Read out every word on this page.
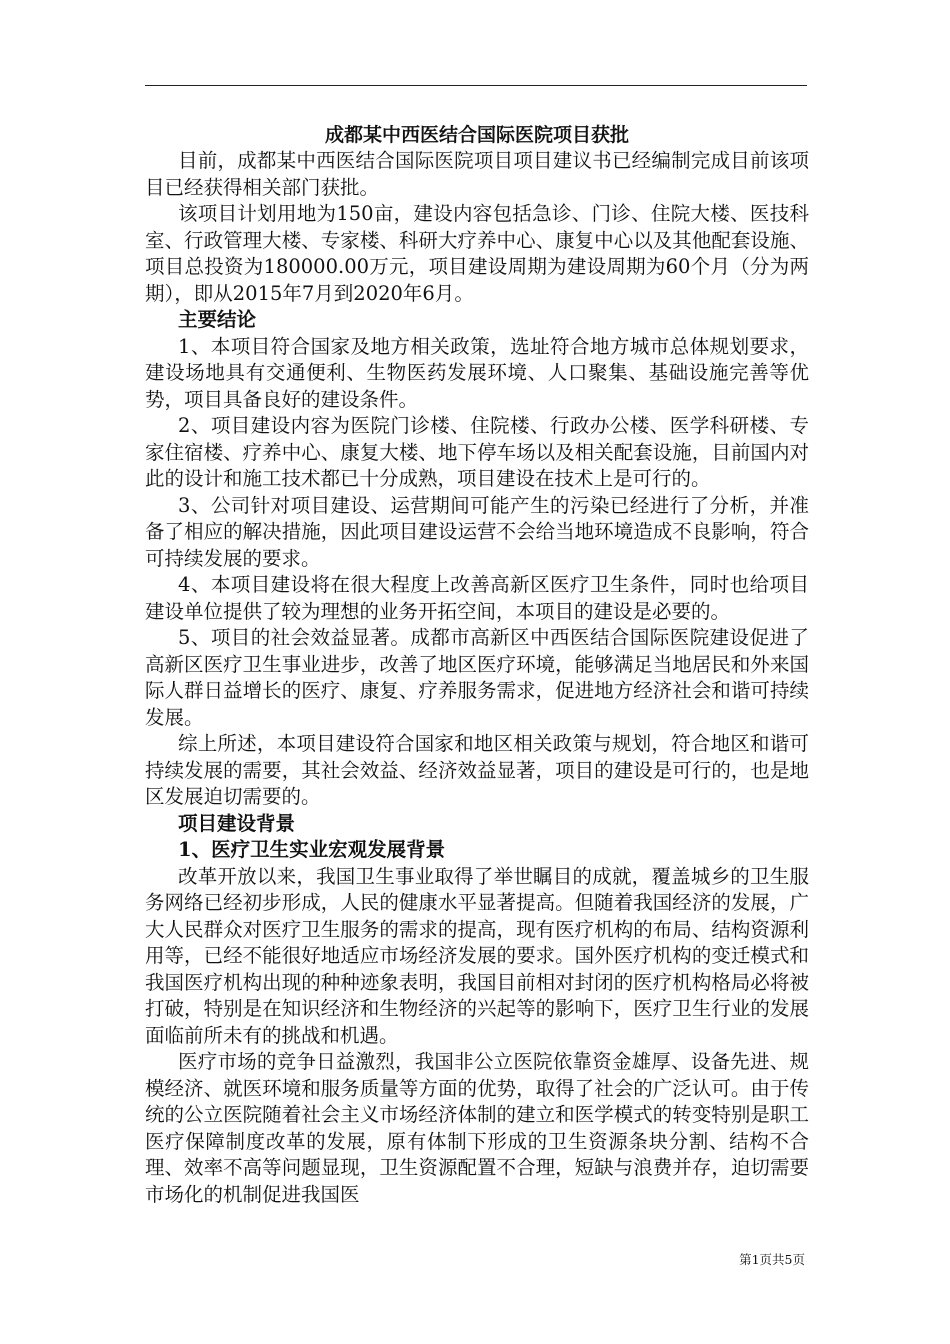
成都某中西医结合国际医院项目获批

目前，成都某中西医结合国际医院项目项目建议书已经编制完成目前该项目已经获得相关部门获批。

该项目计划用地为150亩，建设内容包括急诊、门诊、住院大楼、医技科室、行政管理大楼、专家楼、科研大疗养中心、康复中心以及其他配套设施、项目总投资为180000.00万元，项目建设周期为建设周期为60个月（分为两期），即从2015年7月到2020年6月。

主要结论

1、本项目符合国家及地方相关政策，选址符合地方城市总体规划要求，建设场地具有交通便利、生物医药发展环境、人口聚集、基础设施完善等优势，项目具备良好的建设条件。

2、项目建设内容为医院门诊楼、住院楼、行政办公楼、医学科研楼、专家住宿楼、疗养中心、康复大楼、地下停车场以及相关配套设施，目前国内对此的设计和施工技术都已十分成熟，项目建设在技术上是可行的。

3、公司针对项目建设、运营期间可能产生的污染已经进行了分析，并准备了相应的解决措施，因此项目建设运营不会给当地环境造成不良影响，符合可持续发展的要求。

4、本项目建设将在很大程度上改善高新区医疗卫生条件，同时也给项目建设单位提供了较为理想的业务开拓空间，本项目的建设是必要的。

5、项目的社会效益显著。成都市高新区中西医结合国际医院建设促进了高新区医疗卫生事业进步，改善了地区医疗环境，能够满足当地居民和外来国际人群日益增长的医疗、康复、疗养服务需求，促进地方经济社会和谐可持续发展。

综上所述，本项目建设符合国家和地区相关政策与规划，符合地区和谐可持续发展的需要，其社会效益、经济效益显著，项目的建设是可行的，也是地区发展迫切需要的。

项目建设背景

1、医疗卫生实业宏观发展背景

改革开放以来，我国卫生事业取得了举世瞩目的成就，覆盖城乡的卫生服务网络已经初步形成，人民的健康水平显著提高。但随着我国经济的发展，广大人民群众对医疗卫生服务的需求的提高，现有医疗机构的布局、结构资源利用等，已经不能很好地适应市场经济发展的要求。国外医疗机构的变迁模式和我国医疗机构出现的种种迹象表明，我国目前相对封闭的医疗机构格局必将被打破，特别是在知识经济和生物经济的兴起等的影响下，医疗卫生行业的发展面临前所未有的挑战和机遇。

医疗市场的竞争日益激烈，我国非公立医院依靠资金雄厚、设备先进、规模经济、就医环境和服务质量等方面的优势，取得了社会的广泛认可。由于传统的公立医院随着社会主义市场经济体制的建立和医学模式的转变特别是职工医疗保障制度改革的发展，原有体制下形成的卫生资源条块分割、结构不合理、效率不高等问题显现，卫生资源配置不合理，短缺与浪费并存，迫切需要市场化的机制促进我国医

第1页共5页
